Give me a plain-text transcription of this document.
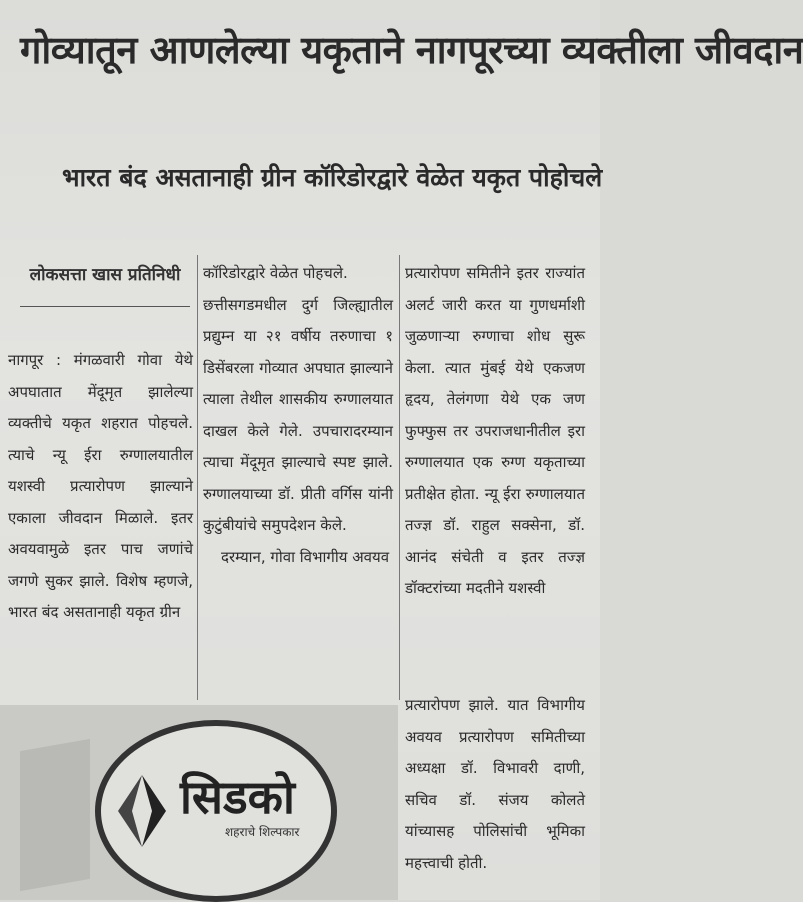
गोव्यातून आणलेल्या यकृताने नागपूरच्या व्यक्तीला जीवदान
भारत बंद असतानाही ग्रीन कॉरिडोरद्वारे वेळेत यकृत पोहोचले
लोकसत्ता खास प्रतिनिधी

नागपूर : मंगळवारी गोवा येथे अपघातात मेंदूमृत झालेल्या व्यक्तीचे यकृत शहरात पोहचले. त्याचे न्यू ईरा रुग्णालयातील यशस्वी प्रत्यारोपण झाल्याने एकाला जीवदान मिळाले. इतर अवयवामुळे इतर पाच जणांचे जगणे सुकर झाले. विशेष म्हणजे, भारत बंद असतानाही यकृत ग्रीन

कॉरिडोरद्वारे वेळेत पोहचले.

छत्तीसगडमधील दुर्ग जिल्ह्यातील प्रद्युम्न या २१ वर्षीय तरुणाचा १ डिसेंबरला गोव्यात अपघात झाल्याने त्याला तेथील शासकीय रुग्णालयात दाखल केले गेले. उपचारादरम्यान त्याचा मेंदूमृत झाल्याचे स्पष्ट झाले. रुग्णालयाच्या डॉ. प्रीती वर्गिस यांनी कुटुंबीयांचे समुपदेशन केले.

दरम्यान, गोवा विभागीय अवयव

प्रत्यारोपण समितीने इतर राज्यांत अलर्ट जारी करत या गुणधर्माशी जुळणाऱ्या रुग्णाचा शोध सुरू केला. त्यात मुंबई येथे एकजण हृदय, तेलंगणा येथे एक जण फुफ्फुस तर उपराजधानीतील इरा रुग्णालयात एक रुग्ण यकृताच्या प्रतीक्षेत होता. न्यू ईरा रुग्णालयात तज्ज्ञ डॉ. राहुल सक्सेना, डॉ. आनंद संचेती व इतर तज्ज्ञ डॉक्टरांच्या मदतीने यशस्वी

प्रत्यारोपण झाले. यात विभागीय अवयव प्रत्यारोपण समितीच्या अध्यक्षा डॉ. विभावरी दाणी, सचिव डॉ. संजय कोलते यांच्यासह पोलिसांची भूमिका महत्त्वाची होती.

सिडको
शहराचे शिल्पकार
